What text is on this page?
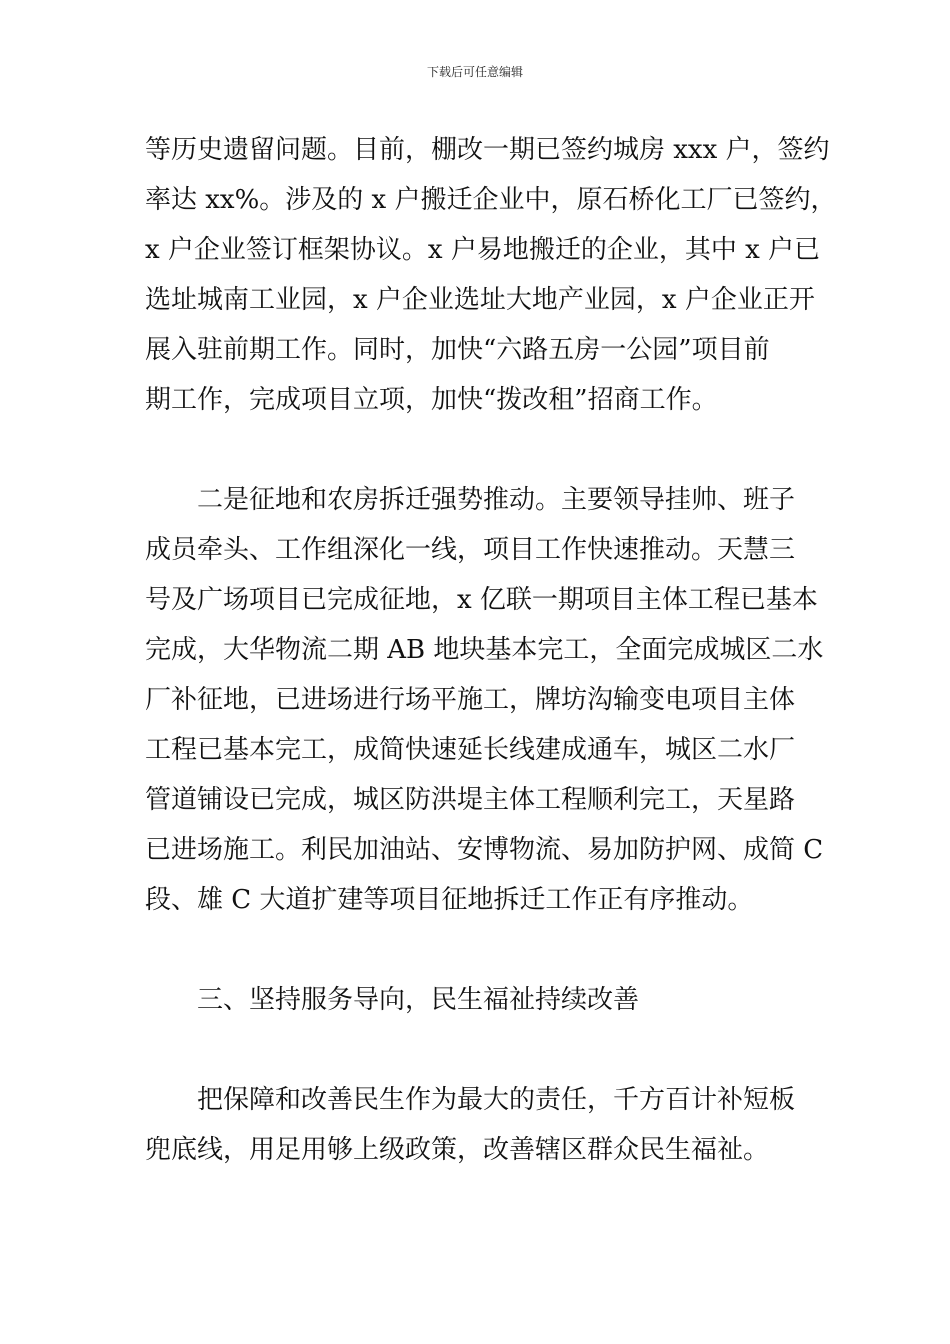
下载后可任意编辑
等历史遗留问题。目前，棚改一期已签约城房 xxx 户，签约
率达 xx%。涉及的 x 户搬迁企业中，原石桥化工厂已签约，
x 户企业签订框架协议。x 户易地搬迁的企业，其中 x 户已
选址城南工业园，x 户企业选址大地产业园，x 户企业正开
展入驻前期工作。同时，加快“六路五房一公园”项目前
期工作，完成项目立项，加快“拨改租”招商工作。
二是征地和农房拆迁强势推动。主要领导挂帅、班子
成员牵头、工作组深化一线，项目工作快速推动。天慧三
号及广场项目已完成征地，x 亿联一期项目主体工程已基本
完成，大华物流二期 AB 地块基本完工，全面完成城区二水
厂补征地，已进场进行场平施工，牌坊沟输变电项目主体
工程已基本完工，成简快速延长线建成通车，城区二水厂
管道铺设已完成，城区防洪堤主体工程顺利完工，天星路
已进场施工。利民加油站、安博物流、易加防护网、成简 C
段、雄 C 大道扩建等项目征地拆迁工作正有序推动。
三、坚持服务导向，民生福祉持续改善
把保障和改善民生作为最大的责任，千方百计补短板
兜底线，用足用够上级政策，改善辖区群众民生福祉。
